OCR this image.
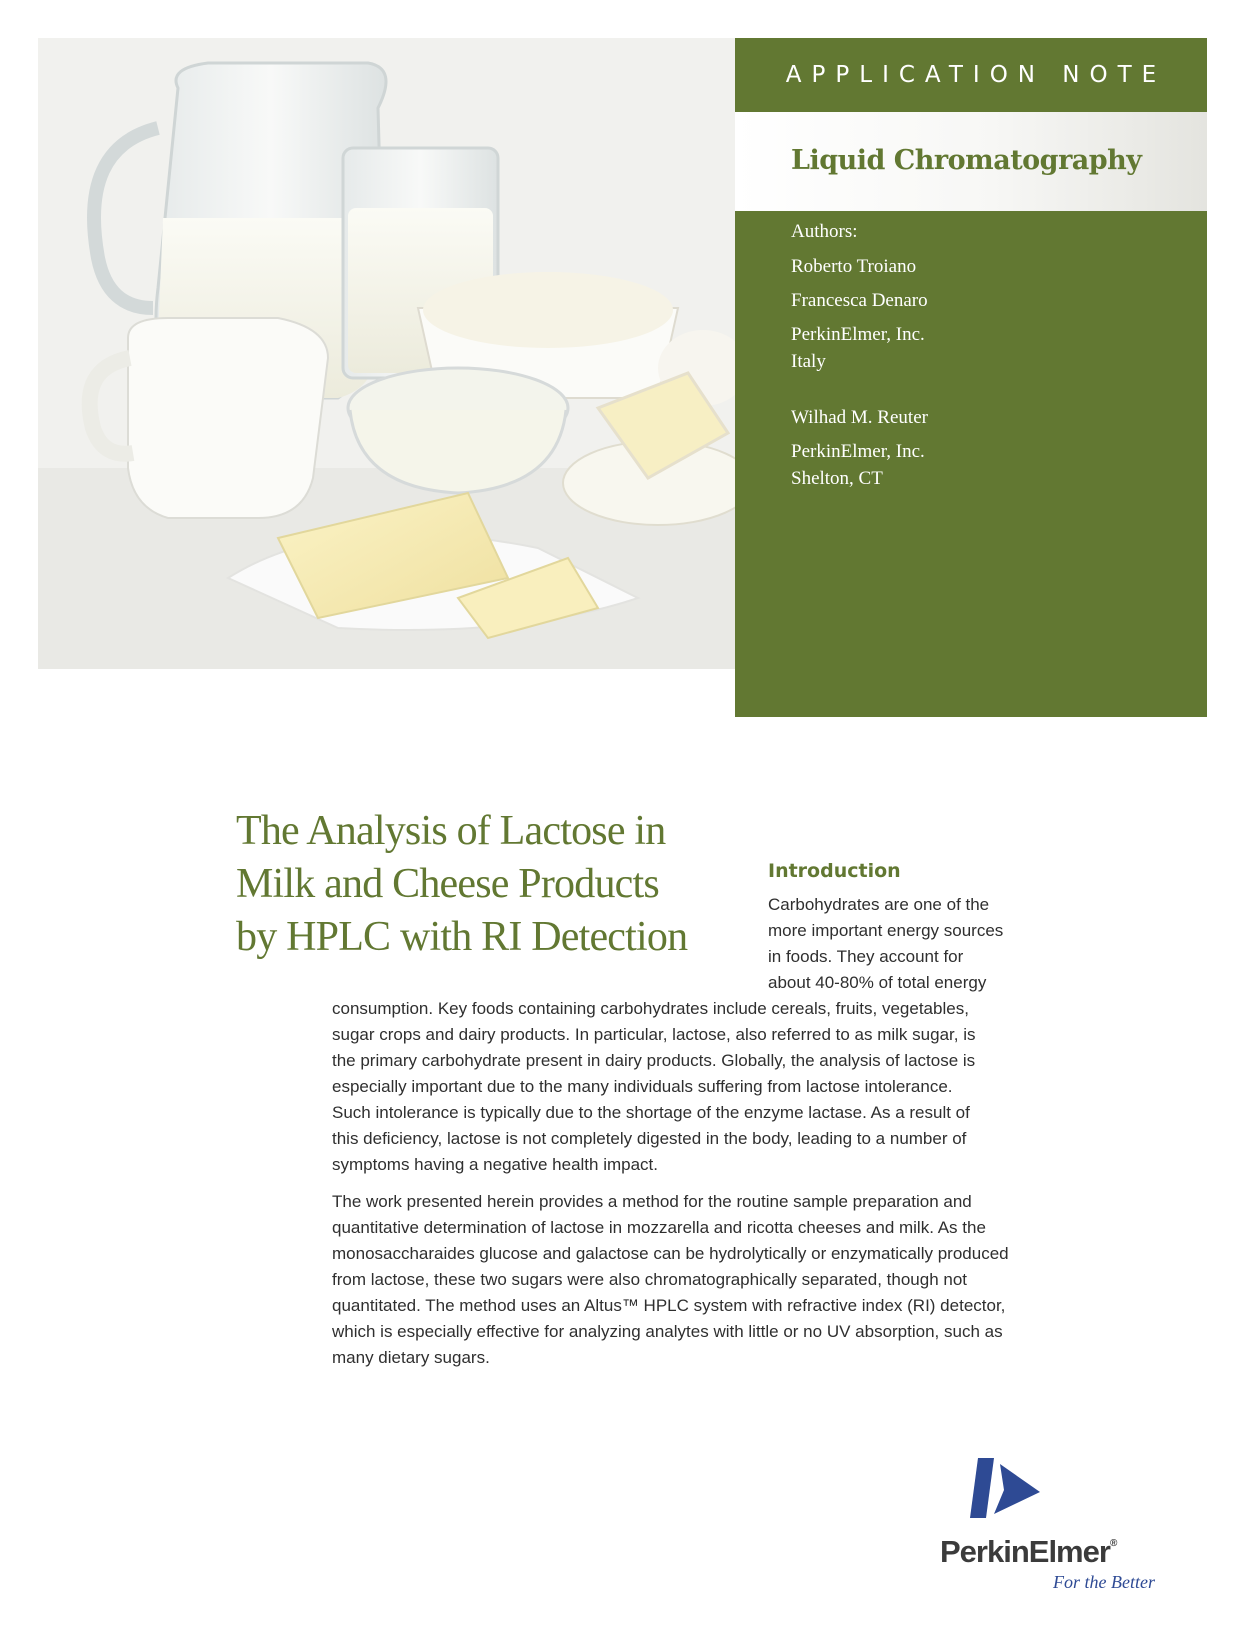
APPLICATION NOTE
Liquid Chromatography
Authors:
Roberto Troiano
Francesca Denaro
PerkinElmer, Inc.
Italy
Wilhad M. Reuter
PerkinElmer, Inc.
Shelton, CT
The Analysis of Lactose in
Milk and Cheese Products
by HPLC with RI Detection
Introduction
Carbohydrates are one of the
more important energy sources
in foods. They account for
about 40-80% of total energy
consumption. Key foods containing carbohydrates include cereals, fruits, vegetables,
sugar crops and dairy products. In particular, lactose, also referred to as milk sugar, is
the primary carbohydrate present in dairy products. Globally, the analysis of lactose is
especially important due to the many individuals suffering from lactose intolerance.
Such intolerance is typically due to the shortage of the enzyme lactase. As a result of
this deficiency, lactose is not completely digested in the body, leading to a number of
symptoms having a negative health impact.
The work presented herein provides a method for the routine sample preparation and
quantitative determination of lactose in mozzarella and ricotta cheeses and milk. As the
monosaccharaides glucose and galactose can be hydrolytically or enzymatically produced
from lactose, these two sugars were also chromatographically separated, though not
quantitated. The method uses an Altus™ HPLC system with refractive index (RI) detector,
which is especially effective for analyzing analytes with little or no UV absorption, such as
many dietary sugars.
PerkinElmer®
For the Better
